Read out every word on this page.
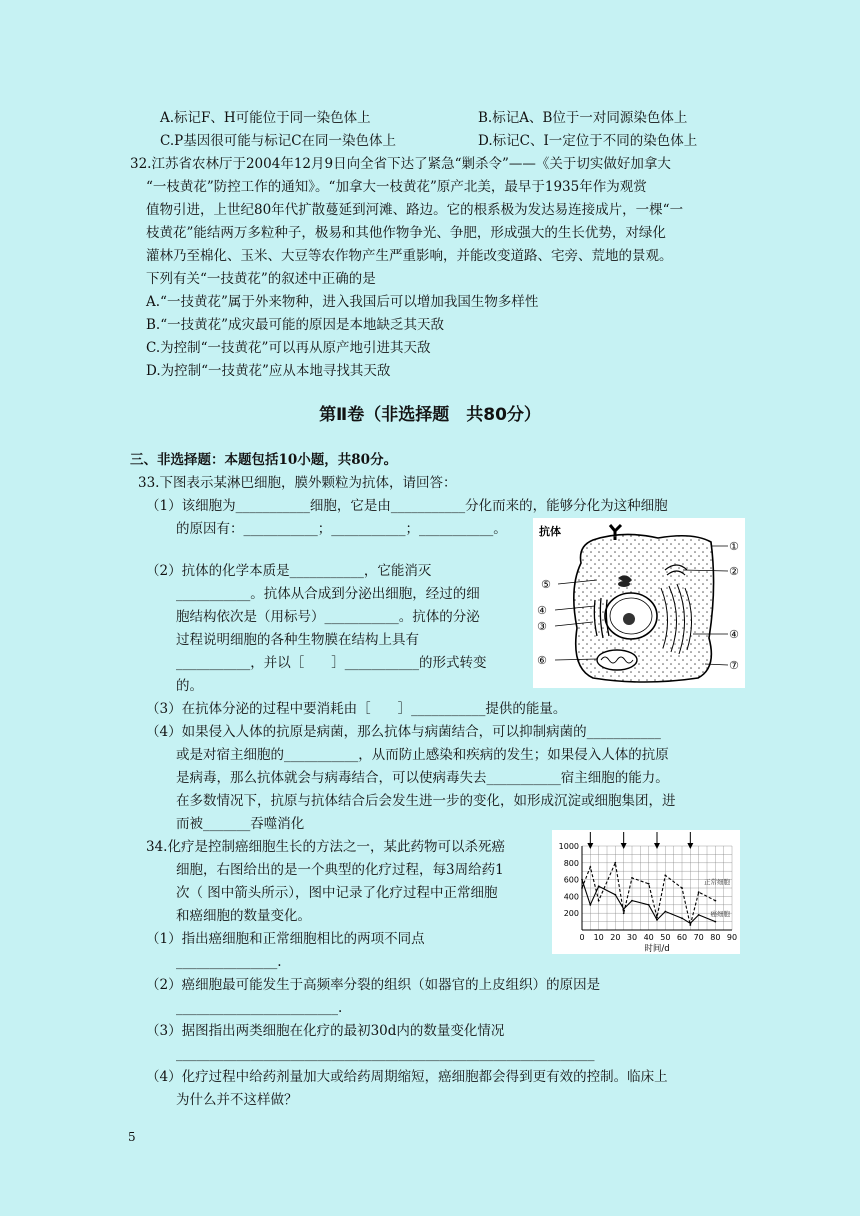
A.标记F、H可能位于同一染色体上	B.标记A、B位于一对同源染色体上
C.P基因很可能与标记C在同一染色体上	D.标记C、I一定位于不同的染色体上
32.江苏省农林厅于2004年12月9日向全省下达了紧急“剿杀令”——《关于切实做好加拿大
“一枝黄花”防控工作的通知》。“加拿大一枝黄花”原产北美，最早于1935年作为观赏
值物引进，上世纪80年代扩散蔓延到河滩、路边。它的根系极为发达易连接成片，一棵“一
枝黄花”能结两万多粒种子，极易和其他作物争光、争肥，形成强大的生长优势，对绿化
灌林乃至棉化、玉米、大豆等农作物产生严重影响，并能改变道路、宅旁、荒地的景观。
下列有关“一技黄花”的叙述中正确的是
A.“一技黄花”属于外来物种，进入我国后可以增加我国生物多样性
B.“一技黄花”成灾最可能的原因是本地缺乏其天敌
C.为控制“一技黄花”可以再从原产地引进其天敌
D.为控制“一技黄花”应从本地寻找其天敌
第Ⅱ卷（非选择题　共80分）
三、非选择题：本题包括10小题，共80分。
33.下图表示某淋巴细胞，膜外颗粒为抗体，请回答：
（1）该细胞为___________细胞，它是由___________分化而来的，能够分化为这种细胞
的原因有：___________；___________；___________。
（2）抗体的化学本质是___________，它能消灭
___________。抗体从合成到分泌出细胞，经过的细
胞结构依次是（用标号）___________。抗体的分泌
过程说明细胞的各种生物膜在结构上具有
___________，并以［　　］___________的形式转变
的。
（3）在抗体分泌的过程中要消耗由［　　］___________提供的能量。
（4）如果侵入人体的抗原是病菌，那么抗体与病菌结合，可以抑制病菌的___________
或是对宿主细胞的___________，从而防止感染和疾病的发生；如果侵入人体的抗原
是病毒，那么抗体就会与病毒结合，可以使病毒失去___________宿主细胞的能力。
在多数情况下，抗原与抗体结合后会发生进一步的变化，如形成沉淀或细胞集团，进
而被_______吞噬消化
抗体
①
②
③
④
④
⑤
⑥	⑦
34.化疗是控制癌细胞生长的方法之一，某此药物可以杀死癌
细胞，右图给出的是一个典型的化疗过程，每3周给药1
次（ 图中箭头所示），图中记录了化疗过程中正常细胞
和癌细胞的数量变化。
（1）指出癌细胞和正常细胞相比的两项不同点
_______________.
（2）癌细胞最可能发生于高频率分裂的组织（如器官的上皮组织）的原因是
________________________.
（3）据图指出两类细胞在化疗的最初30d内的数量变化情况
______________________________________________________________
（4）化疗过程中给药剂量加大或给药周期缩短，癌细胞都会得到更有效的控制。临床上
为什么并不这样做？
200
400
600
800
1000
0 10 20 30 40 50 60 70 80 90
时间/d
正常细胞
癌细胞
5
